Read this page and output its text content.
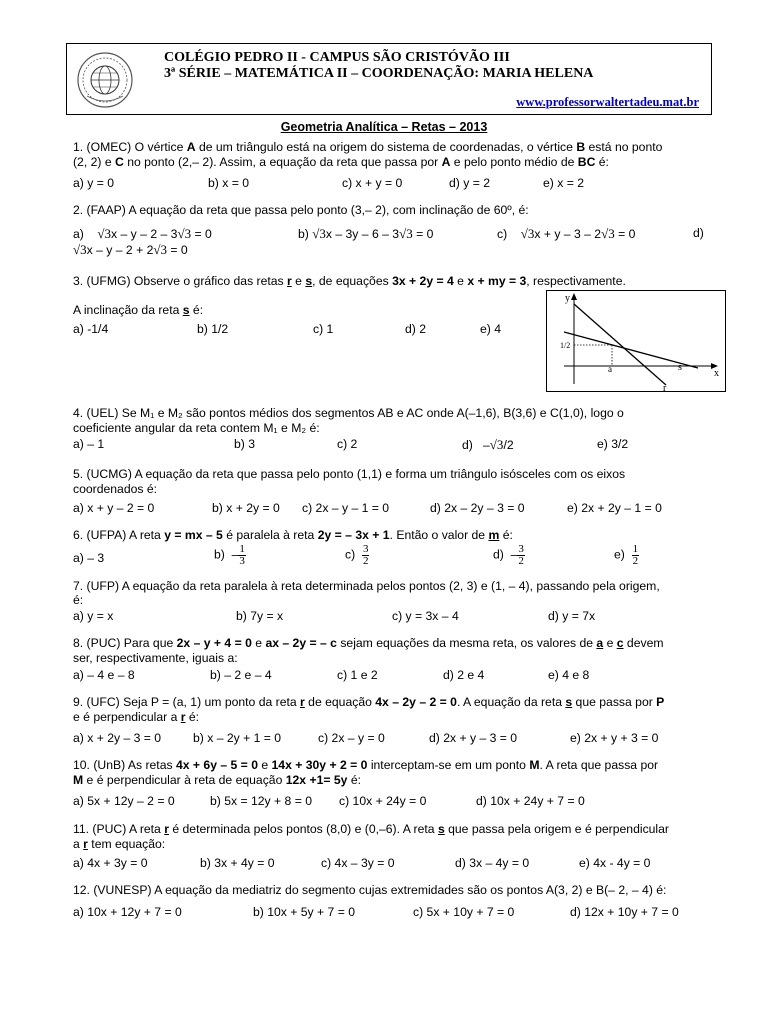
COLÉGIO PEDRO II - CAMPUS SÃO CRISTÓVÃO III
3ª SÉRIE – MATEMÁTICA II – COORDENAÇÃO: MARIA HELENA
www.professorwaltertadeu.mat.br
Geometria Analítica – Retas – 2013
1. (OMEC) O vértice A de um triângulo está na origem do sistema de coordenadas, o vértice B está no ponto
(2, 2) e C no ponto (2,– 2). Assim, a equação da reta que passa por A e pelo ponto médio de BC é:
a) y = 0	b) x = 0	c) x + y = 0	d) y = 2	e) x = 2
2. (FAAP) A equação da reta que passa pelo ponto (3,– 2), com inclinação de 60º, é:
a) √3x – y – 2 – 3√3 = 0	b) √3x – 3y – 6 – 3√3 = 0	c) √3x + y – 3 – 2√3 = 0	d)
√3x – y – 2 + 2√3 = 0
3. (UFMG) Observe o gráfico das retas r e s, de equações 3x + 2y = 4 e x + my = 3, respectivamente.
A inclinação da reta s é:
a) -1/4	b) 1/2	c) 1	d) 2	e) 4
y
x
1/2
a	s
r
4. (UEL) Se M₁ e M₂ são pontos médios dos segmentos AB e AC onde A(–1,6), B(3,6) e C(1,0), logo o
coeficiente angular da reta contem M₁ e M₂ é:
a) – 1	b) 3	c) 2	d) –√3/2	e) 3/2
5. (UCMG) A equação da reta que passa pelo ponto (1,1) e forma um triângulo isósceles com os eixos
coordenados é:
a) x + y – 2 = 0	b) x + 2y = 0 c) 2x – y – 1 = 0	d) 2x – 2y – 3 = 0	e) 2x + 2y – 1 = 0
6. (UFPA) A reta y = mx – 5 é paralela à reta 2y = – 3x + 1. Então o valor de m é:
a) – 3	$b) - \frac{1}{3}$	$c) \frac{3}{2}$	$d) - \frac{3}{2}$	$e) \frac{1}{2}$
7. (UFP) A equação da reta paralela à reta determinada pelos pontos (2, 3) e (1, – 4), passando pela origem,
é:
a) y = x	b) 7y = x	c) y = 3x – 4	d) y = 7x
8. (PUC) Para que 2x – y + 4 = 0 e ax – 2y = – c sejam equações da mesma reta, os valores de a e c devem
ser, respectivamente, iguais a:
a) – 4 e – 8	b) – 2 e – 4	c) 1 e 2	d) 2 e 4	e) 4 e 8
9. (UFC) Seja P = (a, 1) um ponto da reta r de equação 4x – 2y – 2 = 0. A equação da reta s que passa por P
e é perpendicular a r é:
a) x + 2y – 3 = 0	b) x – 2y + 1 = 0	c) 2x – y = 0	d) 2x + y – 3 = 0	e) 2x + y + 3 = 0
10. (UnB) As retas 4x + 6y – 5 = 0 e 14x + 30y + 2 = 0 interceptam-se em um ponto M. A reta que passa por
M e é perpendicular à reta de equação 12x +1= 5y é:
a) 5x + 12y – 2 = 0	b) 5x = 12y + 8 = 0 c) 10x + 24y = 0	d) 10x + 24y + 7 = 0
11. (PUC) A reta r é determinada pelos pontos (8,0) e (0,–6). A reta s que passa pela origem e é perpendicular
a r tem equação:
a) 4x + 3y = 0	b) 3x + 4y = 0	c) 4x – 3y = 0	d) 3x – 4y = 0	e) 4x - 4y = 0
12. (VUNESP) A equação da mediatriz do segmento cujas extremidades são os pontos A(3, 2) e B(– 2, – 4) é:
a) 10x + 12y + 7 = 0	b) 10x + 5y + 7 = 0	c) 5x + 10y + 7 = 0	d) 12x + 10y + 7 = 0
